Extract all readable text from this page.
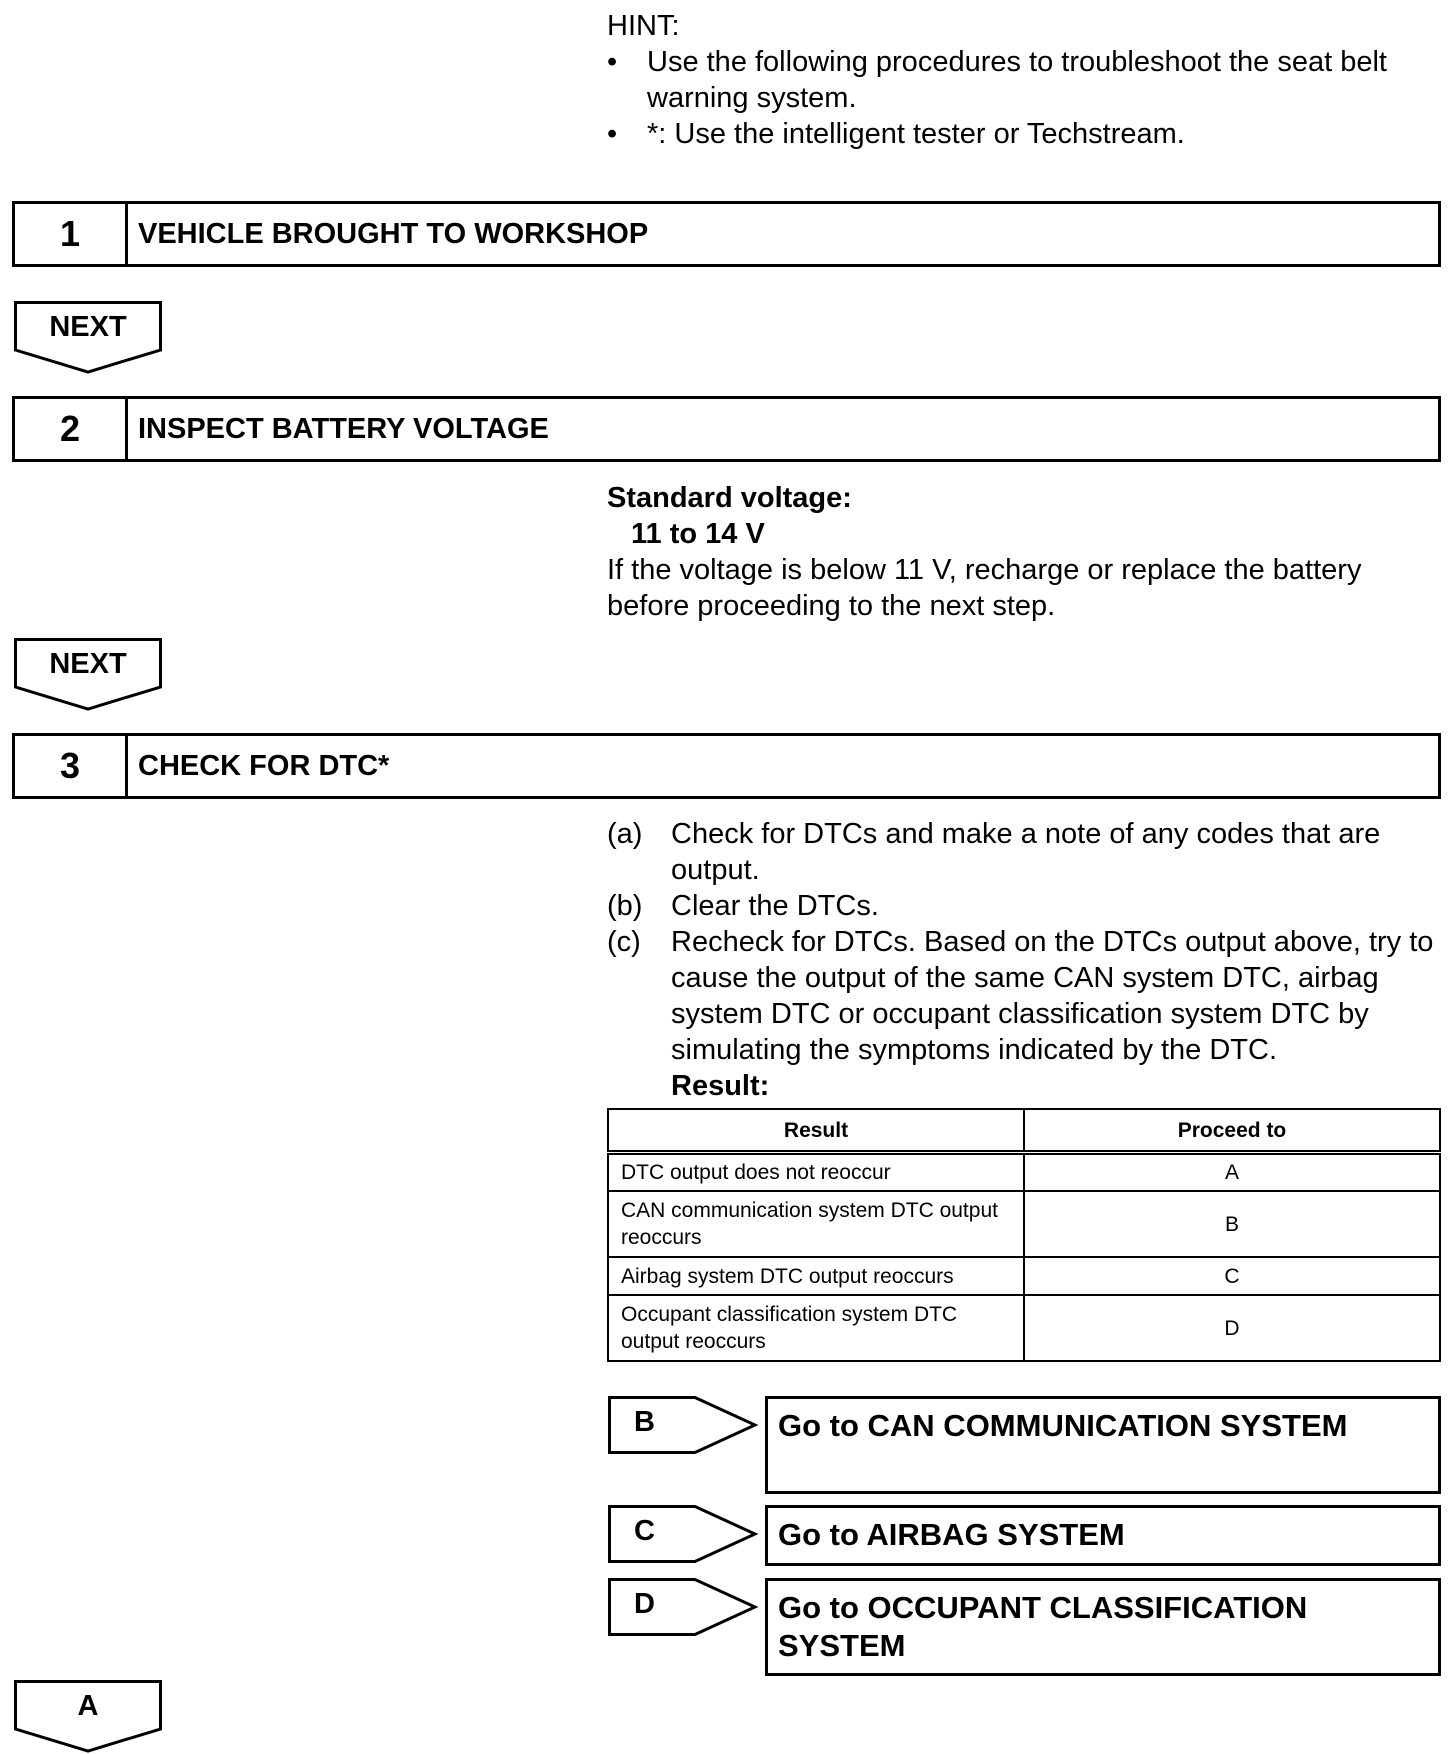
HINT:
• Use the following procedures to troubleshoot the seat belt warning system.
• *: Use the intelligent tester or Techstream.
1	VEHICLE BROUGHT TO WORKSHOP
NEXT
2	INSPECT BATTERY VOLTAGE
Standard voltage:
11 to 14 V
If the voltage is below 11 V, recharge or replace the battery before proceeding to the next step.
NEXT
3	CHECK FOR DTC*
(a) Check for DTCs and make a note of any codes that are output.
(b) Clear the DTCs.
(c) Recheck for DTCs. Based on the DTCs output above, try to cause the output of the same CAN system DTC, airbag system DTC or occupant classification system DTC by simulating the symptoms indicated by the DTC.
Result:
Result	Proceed to
DTC output does not reoccur	A
CAN communication system DTC output reoccurs	B
Airbag system DTC output reoccurs	C
Occupant classification system DTC output reoccurs	D
B	Go to CAN COMMUNICATION SYSTEM
C	Go to AIRBAG SYSTEM
D	Go to OCCUPANT CLASSIFICATION SYSTEM
A
